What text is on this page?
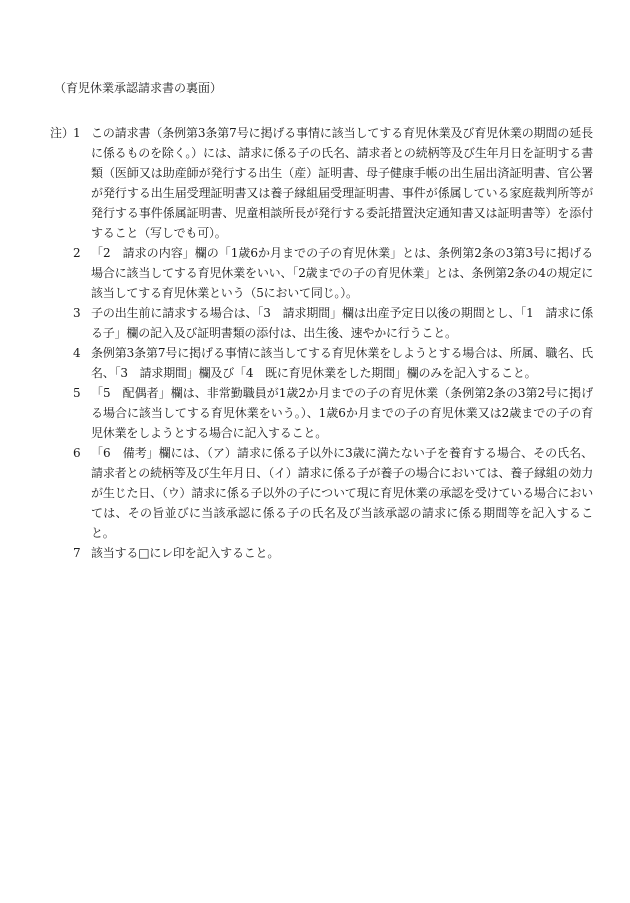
（育児休業承認請求書の裏面）
注）
1 この請求書（条例第3条第7号に掲げる事情に該当してする育児休業及び育児休業の期間の延長に係るものを除く。）には、請求に係る子の氏名、請求者との続柄等及び生年月日を証明する書類（医師又は助産師が発行する出生（産）証明書、母子健康手帳の出生届出済証明書、官公署が発行する出生届受理証明書又は養子縁組届受理証明書、事件が係属している家庭裁判所等が発行する事件係属証明書、児童相談所長が発行する委託措置決定通知書又は証明書等）を添付すること（写しでも可）。
2 「2　請求の内容」欄の「1歳6か月までの子の育児休業」とは、条例第2条の3第3号に掲げる場合に該当してする育児休業をいい、「2歳までの子の育児休業」とは、条例第2条の4の規定に該当してする育児休業という（5において同じ。）。
3 子の出生前に請求する場合は、「3　請求期間」欄は出産予定日以後の期間とし、「1　請求に係る子」欄の記入及び証明書類の添付は、出生後、速やかに行うこと。
4 条例第3条第7号に掲げる事情に該当してする育児休業をしようとする場合は、所属、職名、氏名、「3　請求期間」欄及び「4　既に育児休業をした期間」欄のみを記入すること。
5 「5　配偶者」欄は、非常勤職員が1歳2か月までの子の育児休業（条例第2条の3第2号に掲げる場合に該当してする育児休業をいう。）、1歳6か月までの子の育児休業又は2歳までの子の育児休業をしようとする場合に記入すること。
6 「6　備考」欄には、（ア）請求に係る子以外に3歳に満たない子を養育する場合、その氏名、請求者との続柄等及び生年月日、（イ）請求に係る子が養子の場合においては、養子縁組の効力が生じた日、（ウ）請求に係る子以外の子について現に育児休業の承認を受けている場合においては、その旨並びに当該承認に係る子の氏名及び当該承認の請求に係る期間等を記入すること。
7 該当する□にレ印を記入すること。
